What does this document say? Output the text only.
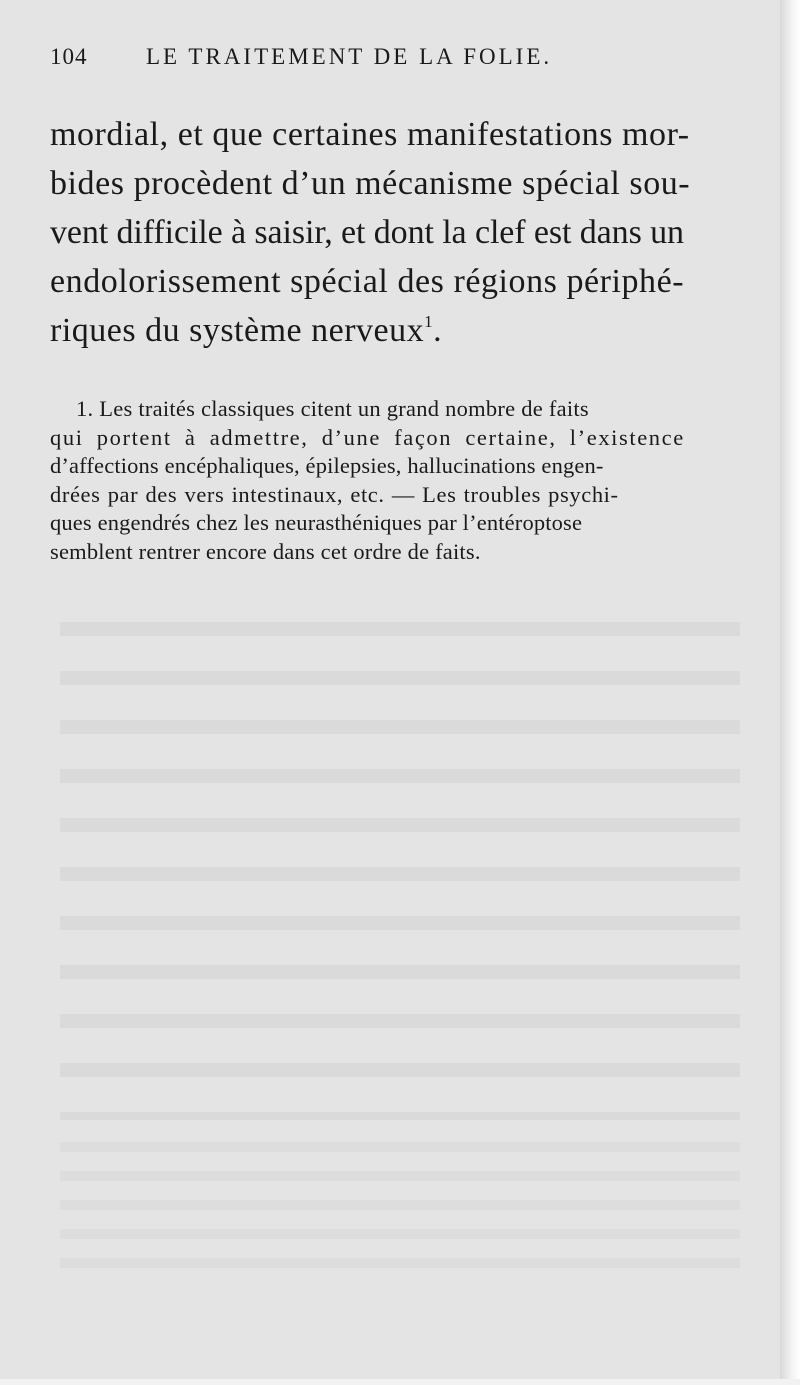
104	LE TRAITEMENT DE LA FOLIE.
mordial, et que certaines manifestations mor-
bides procèdent d’un mécanisme spécial sou-
vent difficile à saisir, et dont la clef est dans un
endolorissement spécial des régions périphé-
riques du système nerveux$^1$.
1. Les traités classiques citent un grand nombre de faits
qui portent à admettre, d’une façon certaine, l’existence
d’affections encéphaliques, épilepsies, hallucinations engen-
drées par des vers intestinaux, etc. — Les troubles psychi-
ques engendrés chez les neurasthéniques par l’entéroptose
semblent rentrer encore dans cet ordre de faits.
